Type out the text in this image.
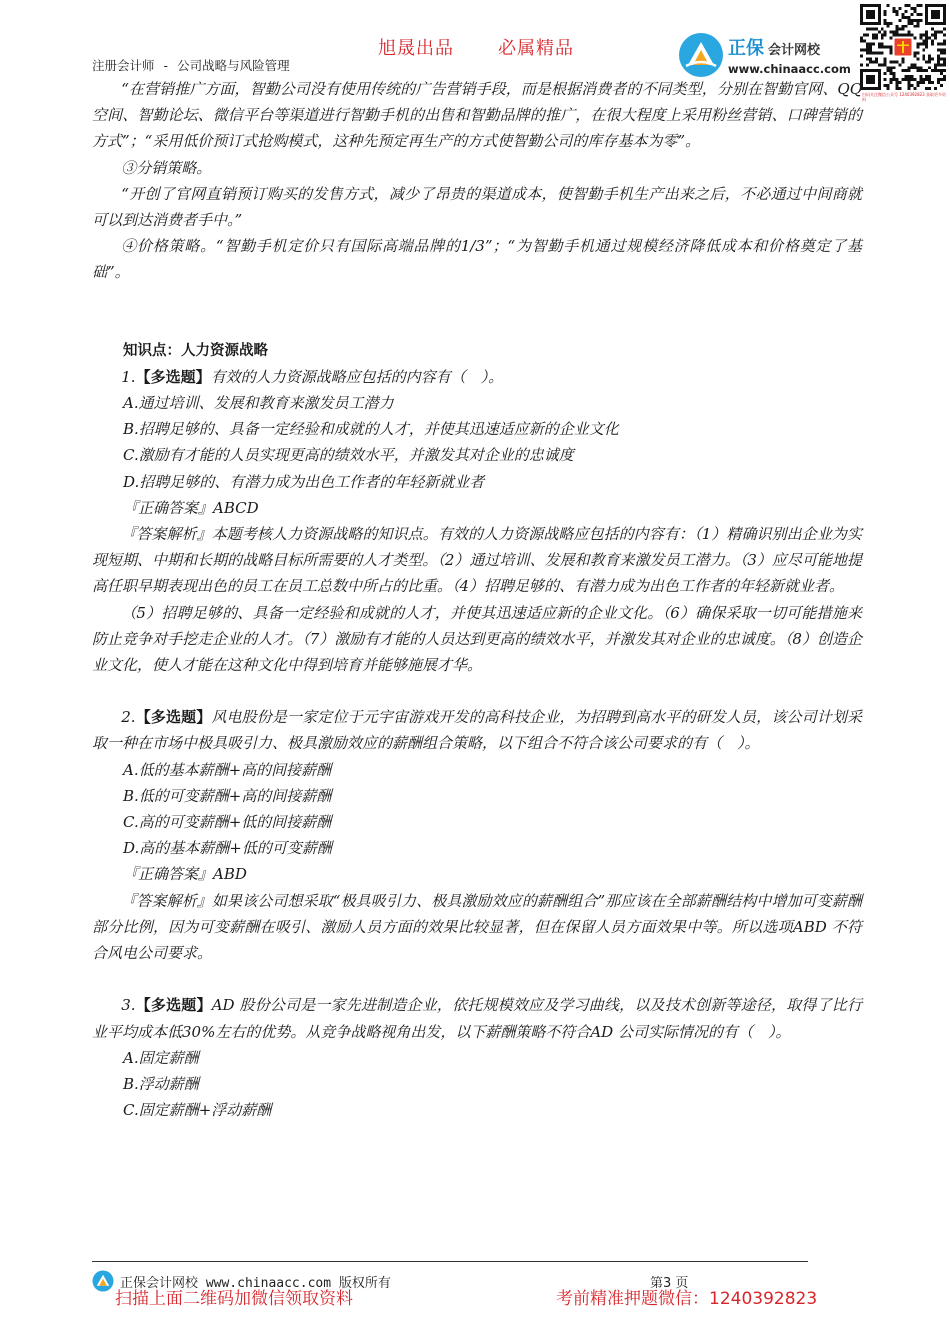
旭晟出品 必属精品
注册会计师 - 公司战略与风险管理
正保 会计网校
www.chinaacc.com
扫码关注微信公众号 1240392823 获取更多资料

“在营销推广方面，智勤公司没有使用传统的广告营销手段，而是根据消费者的不同类型，分别在智勤官网、QQ 空间、智勤论坛、微信平台等渠道进行智勤手机的出售和智勤品牌的推广，在很大程度上采用粉丝营销、口碑营销的方式”；“采用低价预订式抢购模式，这种先预定再生产的方式使智勤公司的库存基本为零”。

③分销策略。

“开创了官网直销预订购买的发售方式，减少了昂贵的渠道成本，使智勤手机生产出来之后，不必通过中间商就可以到达消费者手中。”

④价格策略。“智勤手机定价只有国际高端品牌的1/3”；“为智勤手机通过规模经济降低成本和价格奠定了基础”。

知识点：人力资源战略

1.【多选题】有效的人力资源战略应包括的内容有（　）。

A.通过培训、发展和教育来激发员工潜力

B.招聘足够的、具备一定经验和成就的人才，并使其迅速适应新的企业文化

C.激励有才能的人员实现更高的绩效水平，并激发其对企业的忠诚度

D.招聘足够的、有潜力成为出色工作者的年轻新就业者

『正确答案』ABCD

『答案解析』本题考核人力资源战略的知识点。有效的人力资源战略应包括的内容有：（1）精确识别出企业为实现短期、中期和长期的战略目标所需要的人才类型。（2）通过培训、发展和教育来激发员工潜力。（3）应尽可能地提高任职早期表现出色的员工在员工总数中所占的比重。（4）招聘足够的、有潜力成为出色工作者的年轻新就业者。

（5）招聘足够的、具备一定经验和成就的人才，并使其迅速适应新的企业文化。（6）确保采取一切可能措施来防止竞争对手挖走企业的人才。（7）激励有才能的人员达到更高的绩效水平，并激发其对企业的忠诚度。（8）创造企业文化，使人才能在这种文化中得到培育并能够施展才华。

2.【多选题】风电股份是一家定位于元宇宙游戏开发的高科技企业，为招聘到高水平的研发人员，该公司计划采取一种在市场中极具吸引力、极具激励效应的薪酬组合策略，以下组合不符合该公司要求的有（　）。

A.低的基本薪酬+高的间接薪酬

B.低的可变薪酬+高的间接薪酬

C.高的可变薪酬+低的间接薪酬

D.高的基本薪酬+低的可变薪酬

『正确答案』ABD

『答案解析』如果该公司想采取“极具吸引力、极具激励效应的薪酬组合”那应该在全部薪酬结构中增加可变薪酬部分比例，因为可变薪酬在吸引、激励人员方面的效果比较显著，但在保留人员方面效果中等。所以选项ABD 不符合风电公司要求。

3.【多选题】AD 股份公司是一家先进制造企业，依托规模效应及学习曲线，以及技术创新等途径，取得了比行业平均成本低30%左右的优势。从竞争战略视角出发，以下薪酬策略不符合AD 公司实际情况的有（　）。

A.固定薪酬

B.浮动薪酬

C.固定薪酬+浮动薪酬

正保会计网校 www.chinaacc.com 版权所有	第3 页
扫描上面二维码加微信领取资料	考前精准押题微信：1240392823
